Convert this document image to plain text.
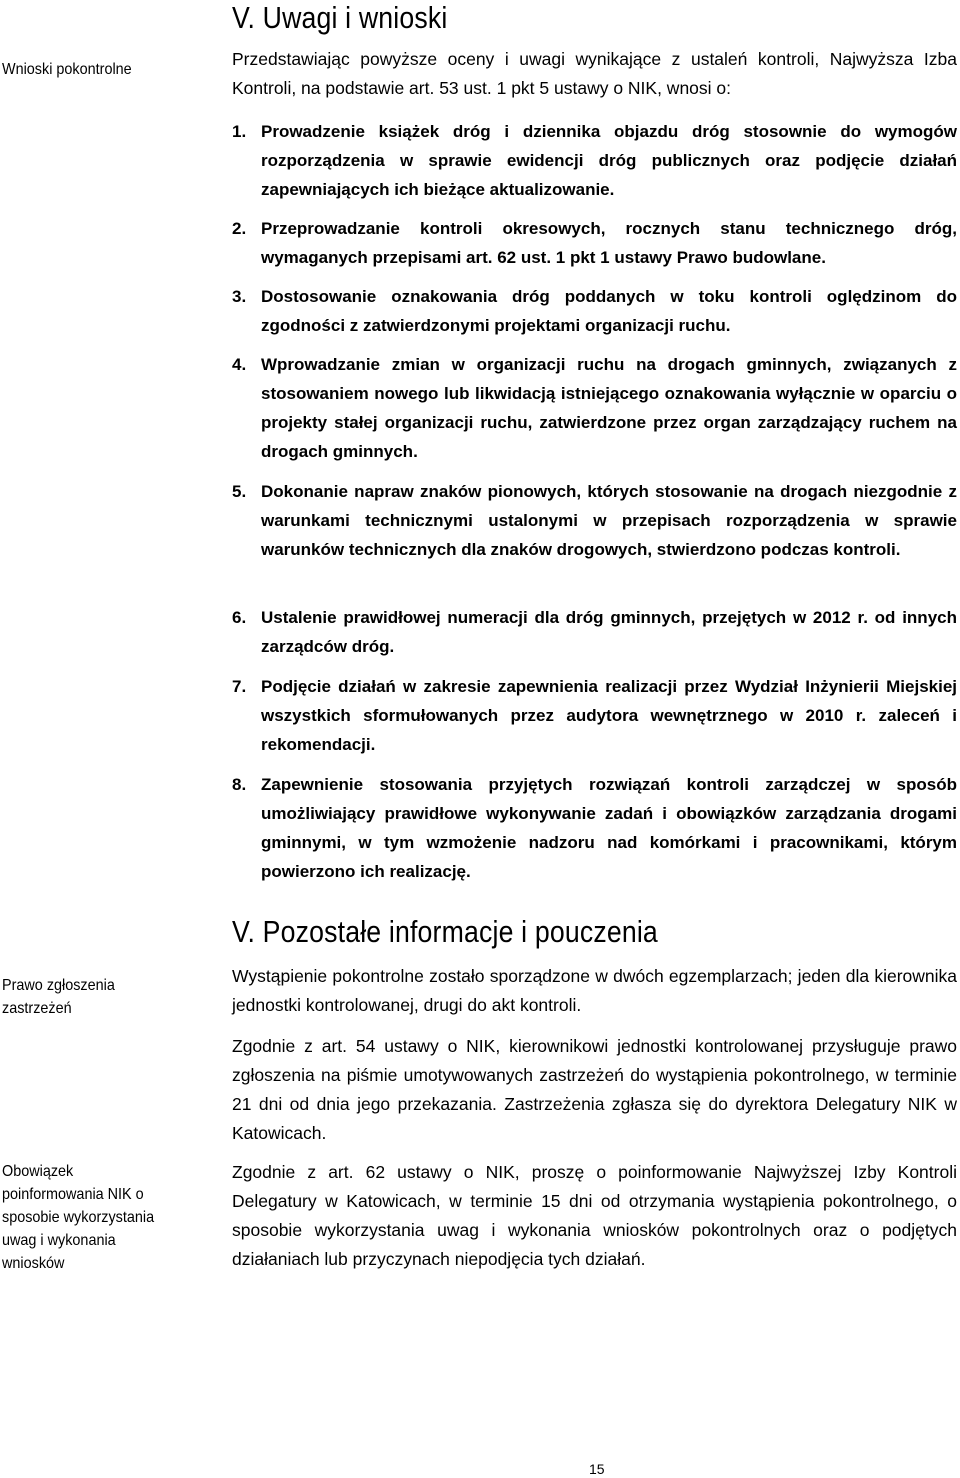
Wnioski pokontrolne
Prawo zgłoszenia zastrzeżeń
Obowiązek poinformowania NIK o sposobie wykorzystania uwag i wykonania wniosków
V. Uwagi i wnioski
Przedstawiając powyższe oceny i uwagi wynikające z ustaleń kontroli, Najwyższa Izba Kontroli, na podstawie art. 53 ust. 1 pkt 5 ustawy o NIK, wnosi o:
1. Prowadzenie książek dróg i dziennika objazdu dróg stosownie do wymogów rozporządzenia w sprawie ewidencji dróg publicznych oraz podjęcie działań zapewniających ich bieżące aktualizowanie.
2. Przeprowadzanie kontroli okresowych, rocznych stanu technicznego dróg, wymaganych przepisami art. 62 ust. 1 pkt 1 ustawy Prawo budowlane.
3. Dostosowanie oznakowania dróg poddanych w toku kontroli oględzinom do zgodności z zatwierdzonymi projektami organizacji ruchu.
4. Wprowadzanie zmian w organizacji ruchu na drogach gminnych, związanych z stosowaniem nowego lub likwidacją istniejącego oznakowania wyłącznie w oparciu o projekty stałej organizacji ruchu, zatwierdzone przez organ zarządzający ruchem na drogach gminnych.
5. Dokonanie napraw znaków pionowych, których stosowanie na drogach niezgodnie z warunkami technicznymi ustalonymi w przepisach rozporządzenia w sprawie warunków technicznych dla znaków drogowych, stwierdzono podczas kontroli.
6. Ustalenie prawidłowej numeracji dla dróg gminnych, przejętych w 2012 r. od innych zarządców dróg.
7. Podjęcie działań w zakresie zapewnienia realizacji przez Wydział Inżynierii Miejskiej wszystkich sformułowanych przez audytora wewnętrznego w 2010 r. zaleceń i rekomendacji.
8. Zapewnienie stosowania przyjętych rozwiązań kontroli zarządczej w sposób umożliwiający prawidłowe wykonywanie zadań i obowiązków zarządzania drogami gminnymi, w tym wzmożenie nadzoru nad komórkami i pracownikami, którym powierzono ich realizację.
V. Pozostałe informacje i pouczenia
Wystąpienie pokontrolne zostało sporządzone w dwóch egzemplarzach; jeden dla kierownika jednostki kontrolowanej, drugi do akt kontroli.
Zgodnie z art. 54 ustawy o NIK, kierownikowi jednostki kontrolowanej przysługuje prawo zgłoszenia na piśmie umotywowanych zastrzeżeń do wystąpienia pokontrolnego, w terminie 21 dni od dnia jego przekazania. Zastrzeżenia zgłasza się do dyrektora Delegatury NIK w Katowicach.
Zgodnie z art. 62 ustawy o NIK, proszę o poinformowanie Najwyższej Izby Kontroli Delegatury w Katowicach, w terminie 15 dni od otrzymania wystąpienia pokontrolnego, o sposobie wykorzystania uwag i wykonania wniosków pokontrolnych oraz o podjętych działaniach lub przyczynach niepodjęcia tych działań.
15
